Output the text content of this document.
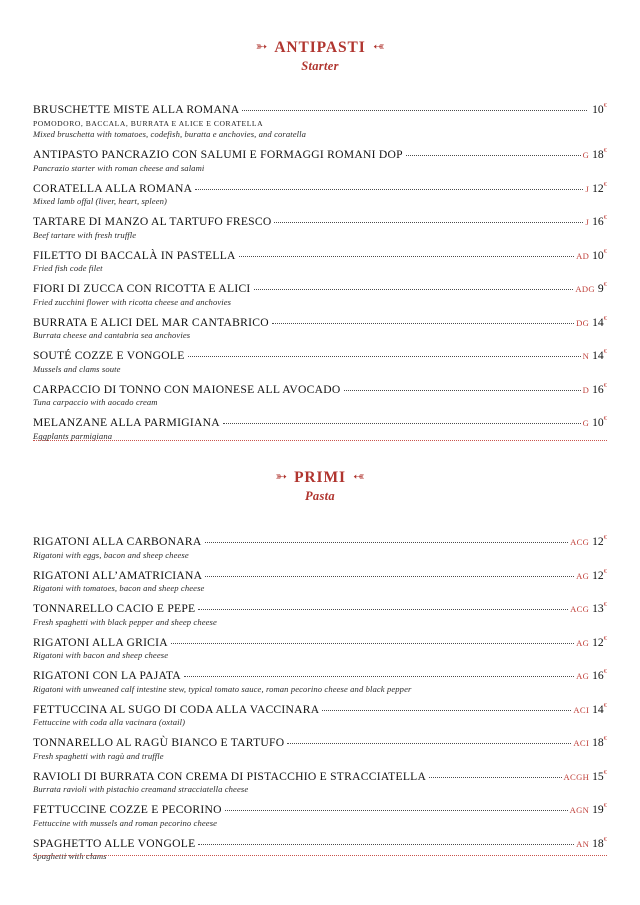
➳ ANTIPASTI ➳
Starter
BRUSCHETTE MISTE ALLA ROMANA	10€
POMODORO, BACCALA, BURRATA E ALICE E CORATELLA
Mixed bruschetta with tomatoes, codefish, buratta e anchovies, and coratella
ANTIPASTO PANCRAZIO CON SALUMI E FORMAGGI ROMANI DOP	G 18€
Pancrazio starter with roman cheese and salami
CORATELLA ALLA ROMANA	J 12€
Mixed lamb offal (liver, heart, spleen)
TARTARE DI MANZO AL TARTUFO FRESCO	J 16€
Beef tartare with fresh truffle
FILETTO DI BACCALÀ IN PASTELLA	AD 10€
Fried fish code filet
FIORI DI ZUCCA CON RICOTTA E ALICI	ADG 9€
Fried zucchini flower with ricotta cheese and anchovies
BURRATA E ALICI DEL MAR CANTABRICO	DG 14€
Burrata cheese and cantabria sea anchovies
SOUTÉ COZZE E VONGOLE	N 14€
Mussels and clams soute
CARPACCIO DI TONNO CON MAIONESE ALL AVOCADO	D 16€
Tuna carpaccio with aocado cream
MELANZANE ALLA PARMIGIANA	G 10€
Eggplants parmigiana
➳ PRIMI ➳
Pasta
RIGATONI ALLA CARBONARA	ACG 12€
Rigatoni with eggs, bacon and sheep cheese
RIGATONI ALL’AMATRICIANA	AG 12€
Rigatoni with tomatoes, bacon and sheep cheese
TONNARELLO CACIO E PEPE	ACG 13€
Fresh spaghetti with black pepper and sheep cheese
RIGATONI ALLA GRICIA	AG 12€
Rigatoni with bacon and sheep cheese
RIGATONI CON LA PAJATA	AG 16€
Rigatoni with unweaned calf intestine stew, typical tomato sauce, roman pecorino cheese and black pepper
FETTUCCINA AL SUGO DI CODA ALLA VACCINARA	ACI 14€
Fettuccine with coda alla vacinara (oxtail)
TONNARELLO AL RAGÙ BIANCO E TARTUFO	ACI 18€
Fresh spaghetti with ragù and truffle
RAVIOLI DI BURRATA CON CREMA DI PISTACCHIO E STRACCIATELLA	ACGH 15€
Burrata ravioli with pistachio creamand stracciatella cheese
FETTUCCINE COZZE E PECORINO	AGN 19€
Fettuccine with mussels and roman pecorino cheese
SPAGHETTO ALLE VONGOLE	AN 18€
Spaghetti with clams
